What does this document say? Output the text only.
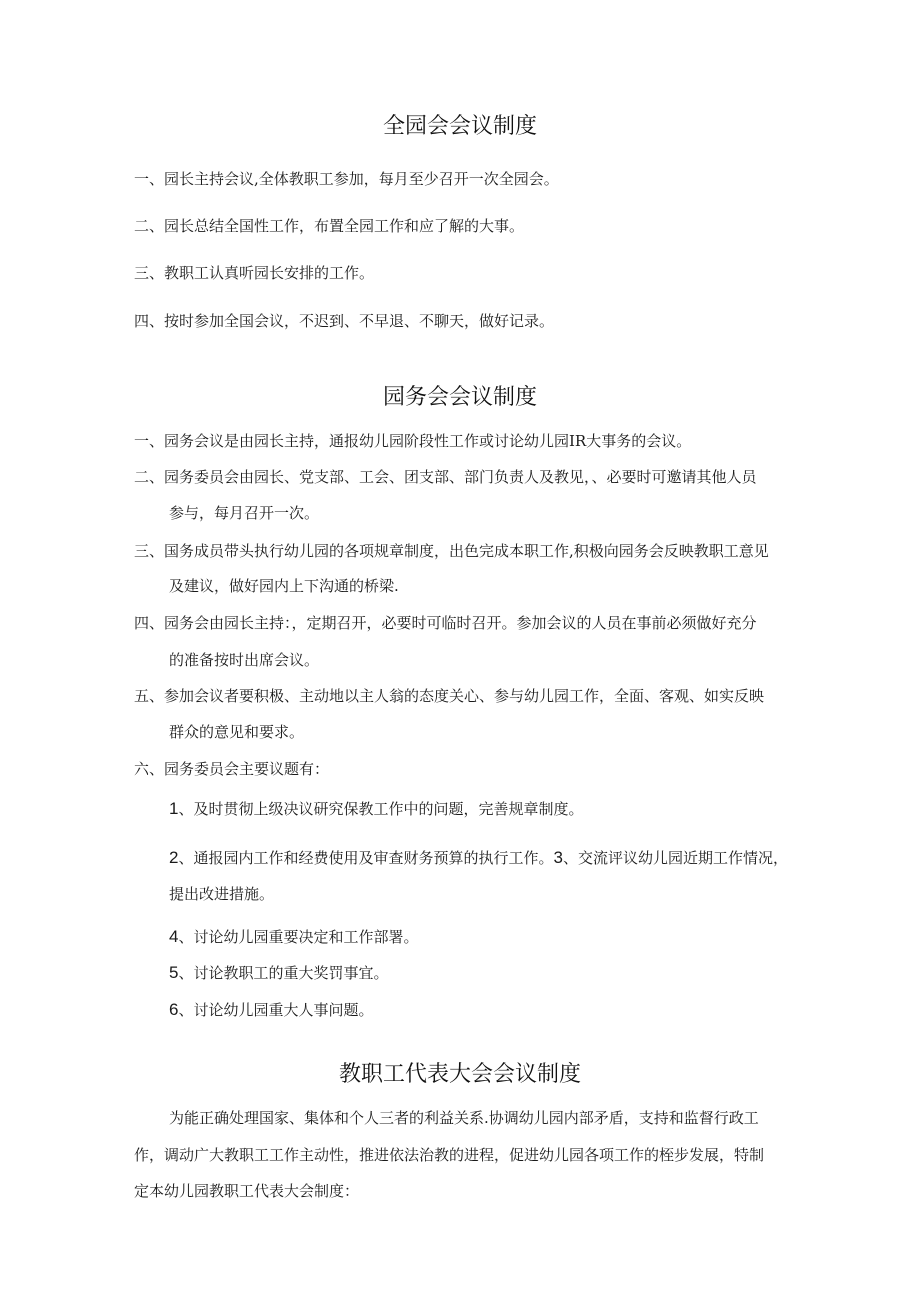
全园会会议制度

一、园长主持会议,全体教职工参加，每月至少召开一次全园会。

二、园长总结全国性工作，布置全园工作和应了解的大事。

三、教职工认真听园长安排的工作。

四、按时参加全国会议，不迟到、不早退、不聊天，做好记录。

园务会会议制度

一、园务会议是由园长主持，通报幼儿园阶段性工作或讨论幼儿园IR大事务的会议。

二、园务委员会由园长、党支部、工会、团支部、部门负责人及教见，、必要时可邀请其他人员

参与，每月召开一次。

三、国务成员带头执行幼儿园的各项规章制度，出色完成本职工作,积极向园务会反映教职工意见

及建议，做好园内上下沟通的桥梁.

四、园务会由园长主持：，定期召开，必要时可临时召开。参加会议的人员在事前必须做好充分

的准备按时出席会议。

五、参加会议者要积极、主动地以主人翁的态度关心、参与幼儿园工作，全面、客观、如实反映

群众的意见和要求。

六、园务委员会主要议题有：

1、及时贯彻上级决议研究保教工作中的问题，完善规章制度。

2、通报园内工作和经费使用及审查财务预算的执行工作。3、交流评议幼儿园近期工作情况，

提出改进措施。

4、讨论幼儿园重要决定和工作部署。

5、讨论教职工的重大奖罚事宜。

6、讨论幼儿园重大人事问题。

教职工代表大会会议制度

为能正确处理国家、集体和个人三者的利益关系.协调幼儿园内部矛盾，支持和监督行政工

作，调动广大教职工工作主动性，推进依法治教的进程，促进幼儿园各项工作的桎步发展，特制

定本幼儿园教职工代表大会制度：
